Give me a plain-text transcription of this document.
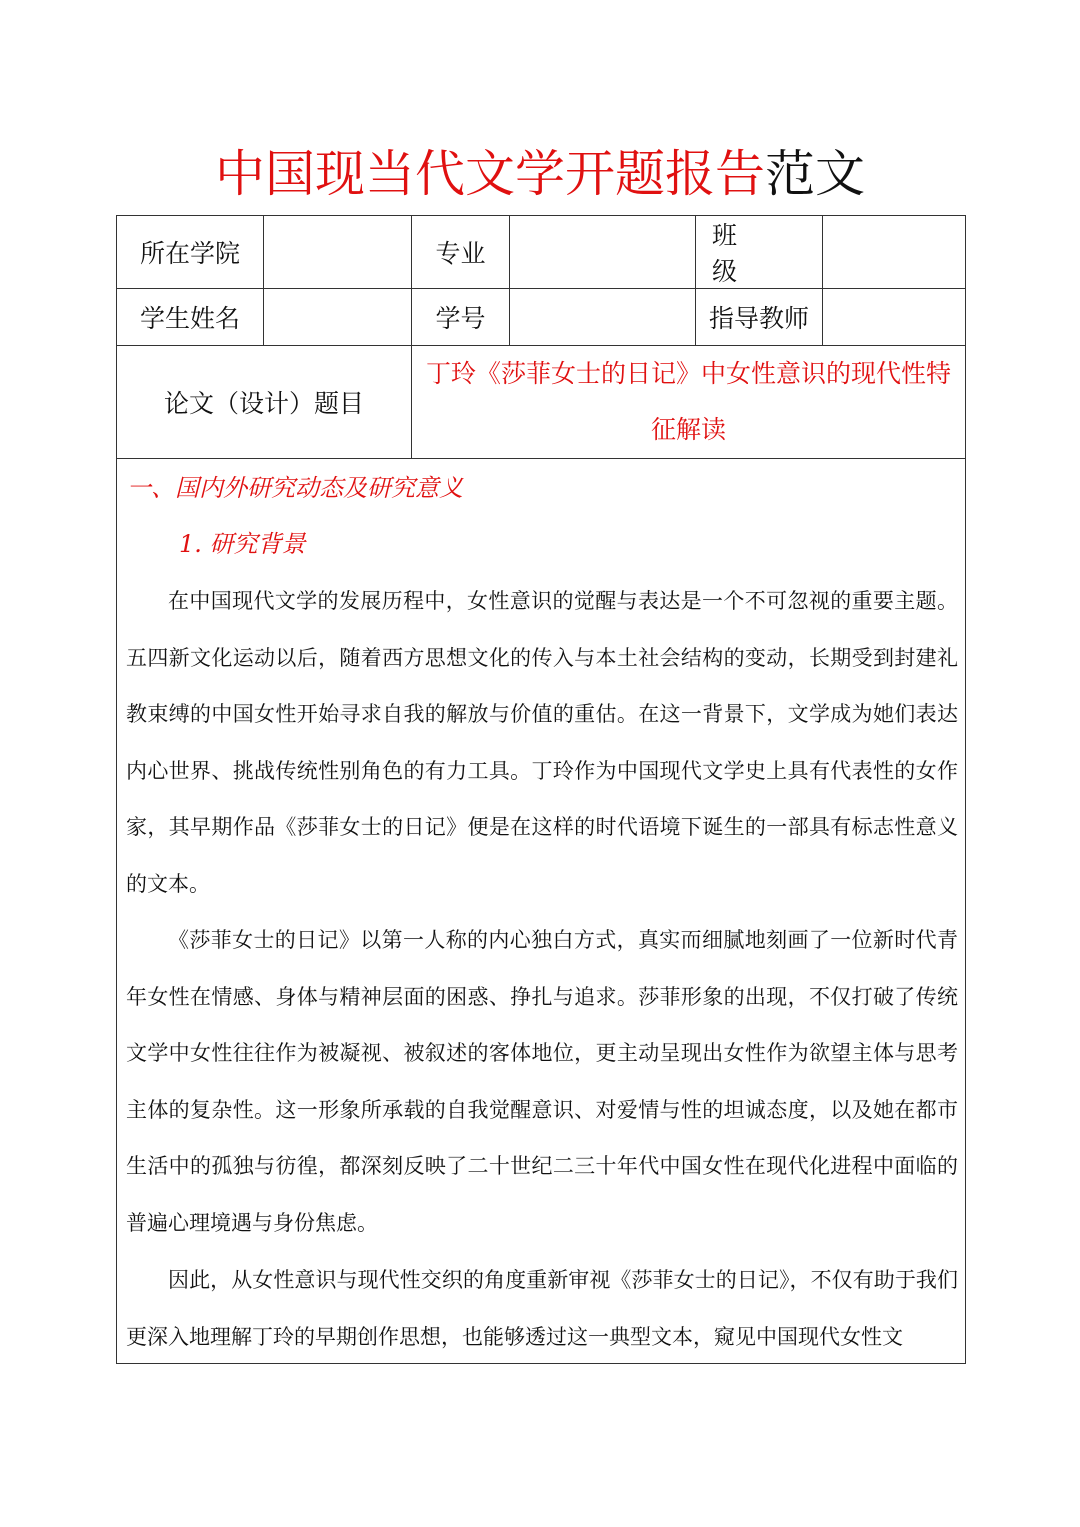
中国现当代文学开题报告范文
所在学院		专业		班级	
学生姓名		学号		指导教师	
论文（设计）题目		丁玲《莎菲女士的日记》中女性意识的现代性特征解读			

一、国内外研究动态及研究意义
1. 研究背景

在中国现代文学的发展历程中，女性意识的觉醒与表达是一个不可忽视的重要主题。五四新文化运动以后，随着西方思想文化的传入与本土社会结构的变动，长期受到封建礼教束缚的中国女性开始寻求自我的解放与价值的重估。在这一背景下，文学成为她们表达内心世界、挑战传统性别角色的有力工具。丁玲作为中国现代文学史上具有代表性的女作家，其早期作品《莎菲女士的日记》便是在这样的时代语境下诞生的一部具有标志性意义的文本。

《莎菲女士的日记》以第一人称的内心独白方式，真实而细腻地刻画了一位新时代青年女性在情感、身体与精神层面的困惑、挣扎与追求。莎菲形象的出现，不仅打破了传统文学中女性往往作为被凝视、被叙述的客体地位，更主动呈现出女性作为欲望主体与思考主体的复杂性。这一形象所承载的自我觉醒意识、对爱情与性的坦诚态度，以及她在都市生活中的孤独与彷徨，都深刻反映了二十世纪二三十年代中国女性在现代化进程中面临的普遍心理境遇与身份焦虑。

因此，从女性意识与现代性交织的角度重新审视《莎菲女士的日记》，不仅有助于我们更深入地理解丁玲的早期创作思想，也能够透过这一典型文本，窥见中国现代女性文					
